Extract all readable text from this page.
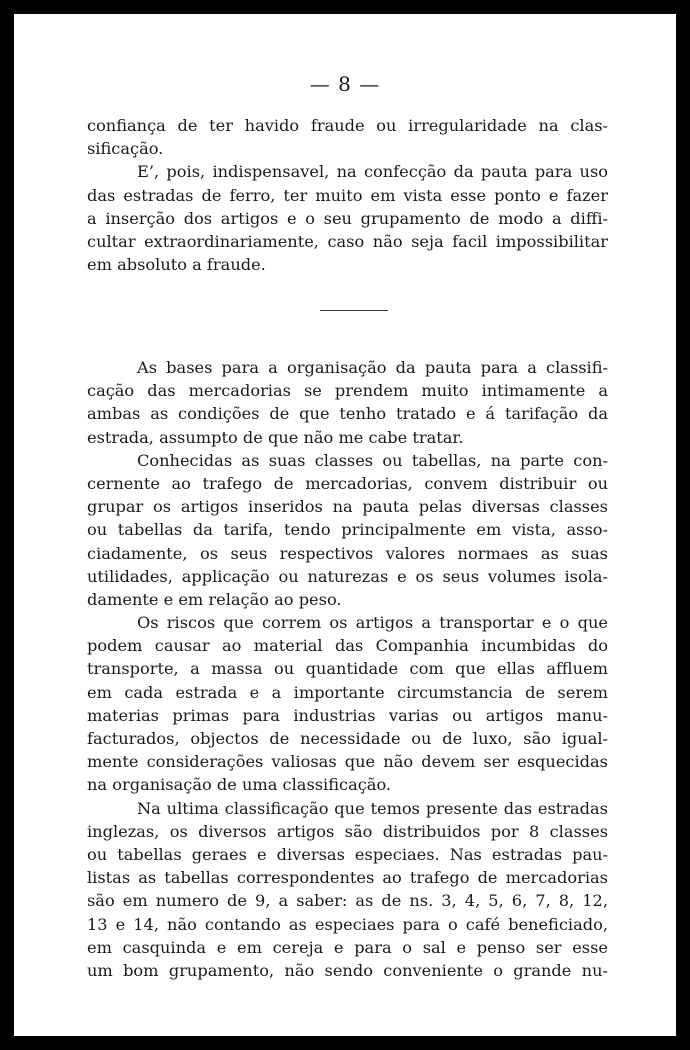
— 8 —
confiança de ter havido fraude ou irregularidade na clas-
sificação.
E’, pois, indispensavel, na confecção da pauta para uso
das estradas de ferro, ter muito em vista esse ponto e fazer
a inserção dos artigos e o seu grupamento de modo a diffi-
cultar extraordinariamente, caso não seja facil impossibilitar
em absoluto a fraude.
As bases para a organisação da pauta para a classifi-
cação das mercadorias se prendem muito intimamente a
ambas as condições de que tenho tratado e á tarifação da
estrada, assumpto de que não me cabe tratar.
Conhecidas as suas classes ou tabellas, na parte con-
cernente ao trafego de mercadorias, convem distribuir ou
grupar os artigos inseridos na pauta pelas diversas classes
ou tabellas da tarifa, tendo principalmente em vista, asso-
ciadamente, os seus respectivos valores normaes as suas
utilidades, applicação ou naturezas e os seus volumes isola-
damente e em relação ao peso.
Os riscos que correm os artigos a transportar e o que
podem causar ao material das Companhia incumbidas do
transporte, a massa ou quantidade com que ellas affluem
em cada estrada e a importante circumstancia de serem
materias primas para industrias varias ou artigos manu-
facturados, objectos de necessidade ou de luxo, são igual-
mente considerações valiosas que não devem ser esquecidas
na organisação de uma classificação.
Na ultima classificação que temos presente das estradas
inglezas, os diversos artigos são distribuidos por 8 classes
ou tabellas geraes e diversas especiaes. Nas estradas pau-
listas as tabellas correspondentes ao trafego de mercadorias
são em numero de 9, a saber: as de ns. 3, 4, 5, 6, 7, 8, 12,
13 e 14, não contando as especiaes para o café beneficiado,
em casquinda e em cereja e para o sal e penso ser esse
um bom grupamento, não sendo conveniente o grande nu-
